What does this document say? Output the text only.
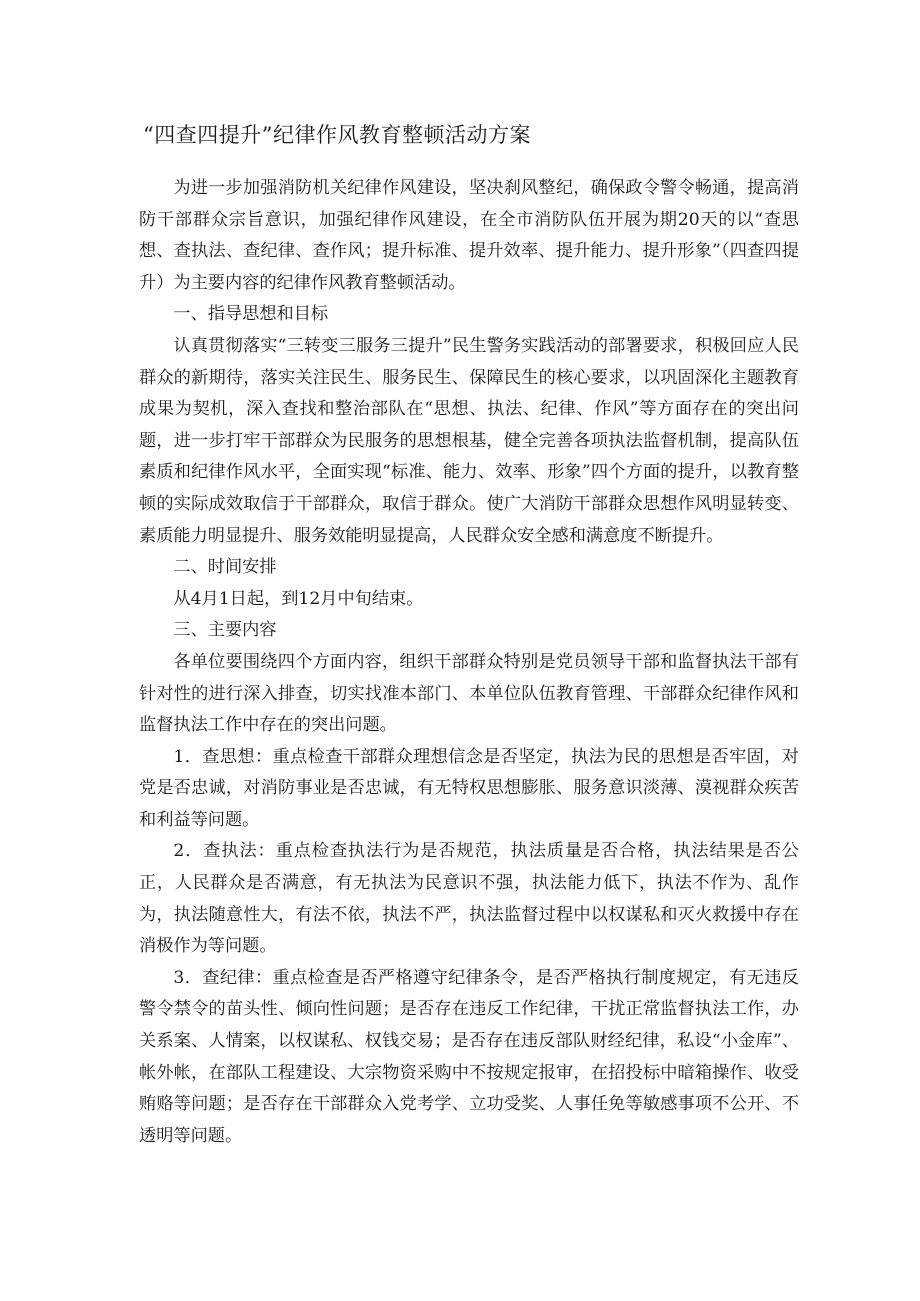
“四查四提升”纪律作风教育整顿活动方案

为进一步加强消防机关纪律作风建设，坚决刹风整纪，确保政令警令畅通，提高消防干部群众宗旨意识，加强纪律作风建设，在全市消防队伍开展为期20天的以“查思想、查执法、查纪律、查作风；提升标准、提升效率、提升能力、提升形象”（四查四提升）为主要内容的纪律作风教育整顿活动。

一、指导思想和目标

认真贯彻落实“三转变三服务三提升”民生警务实践活动的部署要求，积极回应人民群众的新期待，落实关注民生、服务民生、保障民生的核心要求，以巩固深化主题教育成果为契机，深入查找和整治部队在“思想、执法、纪律、作风”等方面存在的突出问题，进一步打牢干部群众为民服务的思想根基，健全完善各项执法监督机制，提高队伍素质和纪律作风水平，全面实现“标准、能力、效率、形象”四个方面的提升，以教育整顿的实际成效取信于干部群众，取信于群众。使广大消防干部群众思想作风明显转变、素质能力明显提升、服务效能明显提高，人民群众安全感和满意度不断提升。

二、时间安排

从4月1日起，到12月中旬结束。

三、主要内容

各单位要围绕四个方面内容，组织干部群众特别是党员领导干部和监督执法干部有针对性的进行深入排查，切实找准本部门、本单位队伍教育管理、干部群众纪律作风和监督执法工作中存在的突出问题。

1．查思想：重点检查干部群众理想信念是否坚定，执法为民的思想是否牢固，对党是否忠诚，对消防事业是否忠诚，有无特权思想膨胀、服务意识淡薄、漠视群众疾苦和利益等问题。

2．查执法：重点检查执法行为是否规范，执法质量是否合格，执法结果是否公正，人民群众是否满意，有无执法为民意识不强，执法能力低下，执法不作为、乱作为，执法随意性大，有法不依，执法不严，执法监督过程中以权谋私和灭火救援中存在消极作为等问题。

3．查纪律：重点检查是否严格遵守纪律条令，是否严格执行制度规定，有无违反警令禁令的苗头性、倾向性问题；是否存在违反工作纪律，干扰正常监督执法工作，办关系案、人情案，以权谋私、权钱交易；是否存在违反部队财经纪律，私设“小金库”、帐外帐，在部队工程建设、大宗物资采购中不按规定报审，在招投标中暗箱操作、收受贿赂等问题；是否存在干部群众入党考学、立功受奖、人事任免等敏感事项不公开、不透明等问题。
